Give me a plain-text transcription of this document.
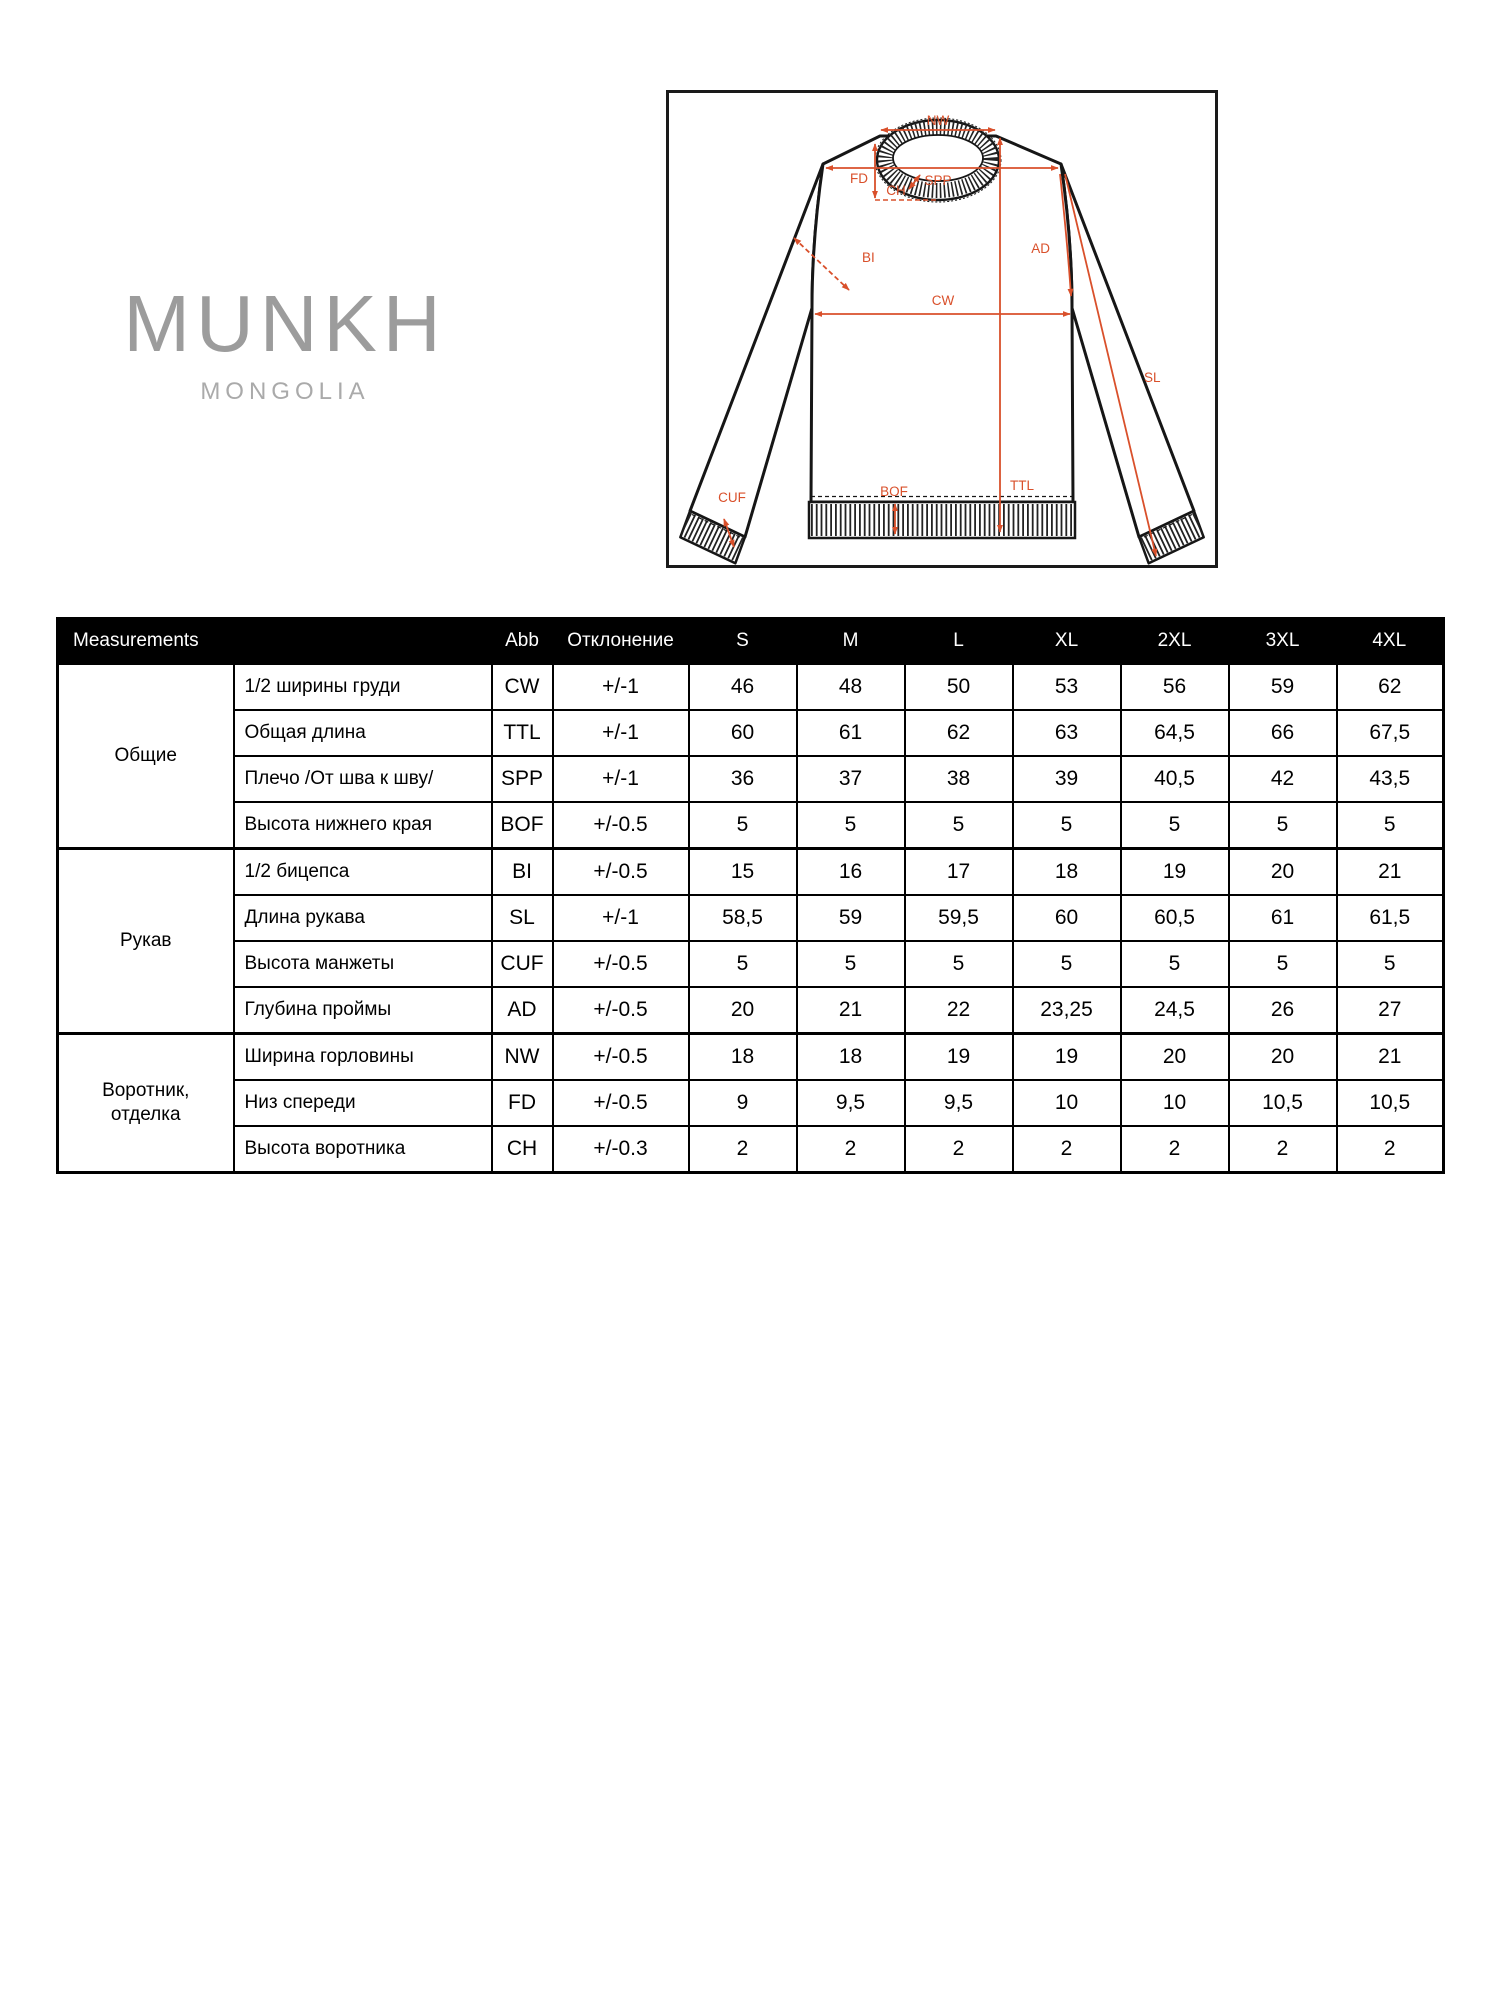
MUNKH
MONGOLIA
NW
FD	SPP
CH
BI
AD
CW
TTL
SL
CUF	BOF
Measurements		Abb	Отклонение	S	M	L	XL	2XL	3XL	4XL
Общие	1/2 ширины груди	CW	+/-1	46	48	50	53	56	59	62
	Общая длина	TTL	+/-1	60	61	62	63	64,5	66	67,5
	Плечо /От шва к шву/	SPP	+/-1	36	37	38	39	40,5	42	43,5
	Высота нижнего края	BOF	+/-0.5	5	5	5	5	5	5	5
Рукав	1/2 бицепса	BI	+/-0.5	15	16	17	18	19	20	21
	Длина рукава	SL	+/-1	58,5	59	59,5	60	60,5	61	61,5
	Высота манжеты	CUF	+/-0.5	5	5	5	5	5	5	5
	Глубина проймы	AD	+/-0.5	20	21	22	23,25	24,5	26	27
Воротник, отделка	Ширина горловины	NW	+/-0.5	18	18	19	19	20	20	21
	Низ спереди	FD	+/-0.5	9	9,5	9,5	10	10	10,5	10,5
	Высота воротника	CH	+/-0.3	2	2	2	2	2	2	2
